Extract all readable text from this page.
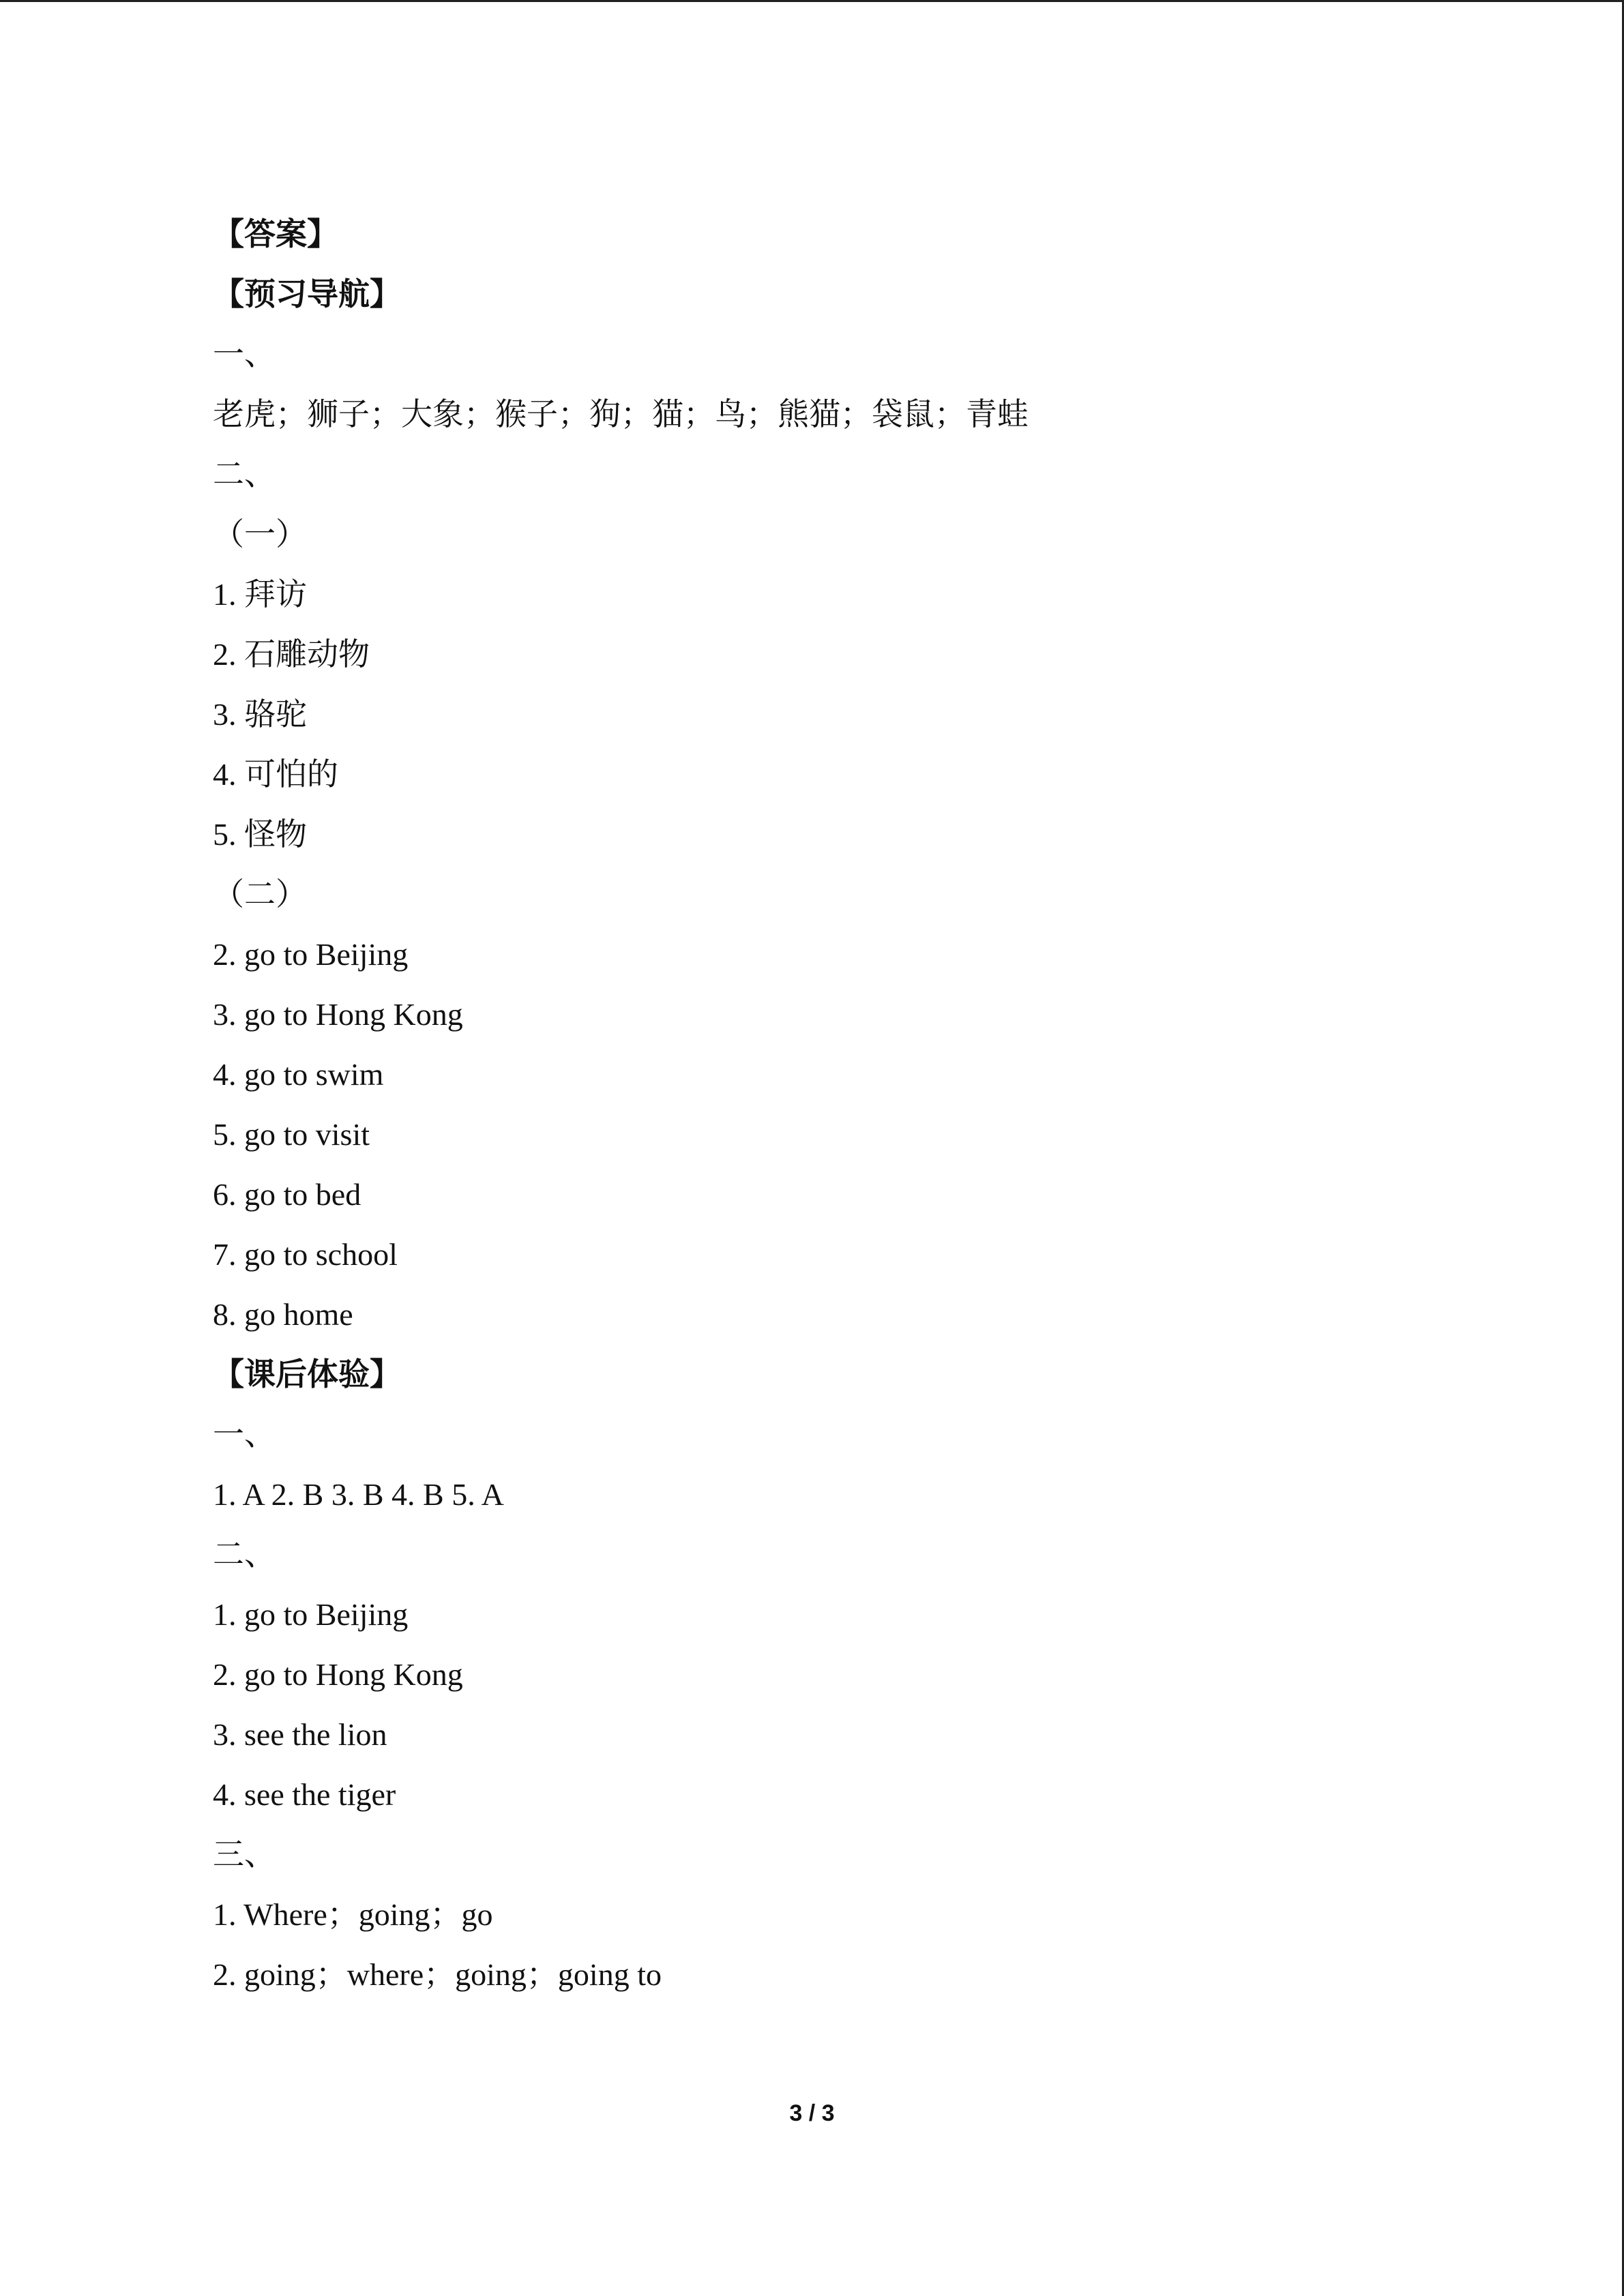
【答案】
【预习导航】
一、
老虎；狮子；大象；猴子；狗；猫；鸟；熊猫；袋鼠；青蛙
二、
（一）
1. 拜访
2. 石雕动物
3. 骆驼
4. 可怕的
5. 怪物
（二）
2. go to Beijing
3. go to Hong Kong
4. go to swim
5. go to visit
6. go to bed
7. go to school
8. go home
【课后体验】
一、
1. A 2. B 3. B 4. B 5. A
二、
1. go to Beijing
2. go to Hong Kong
3. see the lion
4. see the tiger
三、
1. Where；going；go
2. going；where；going；going to
3 / 3
